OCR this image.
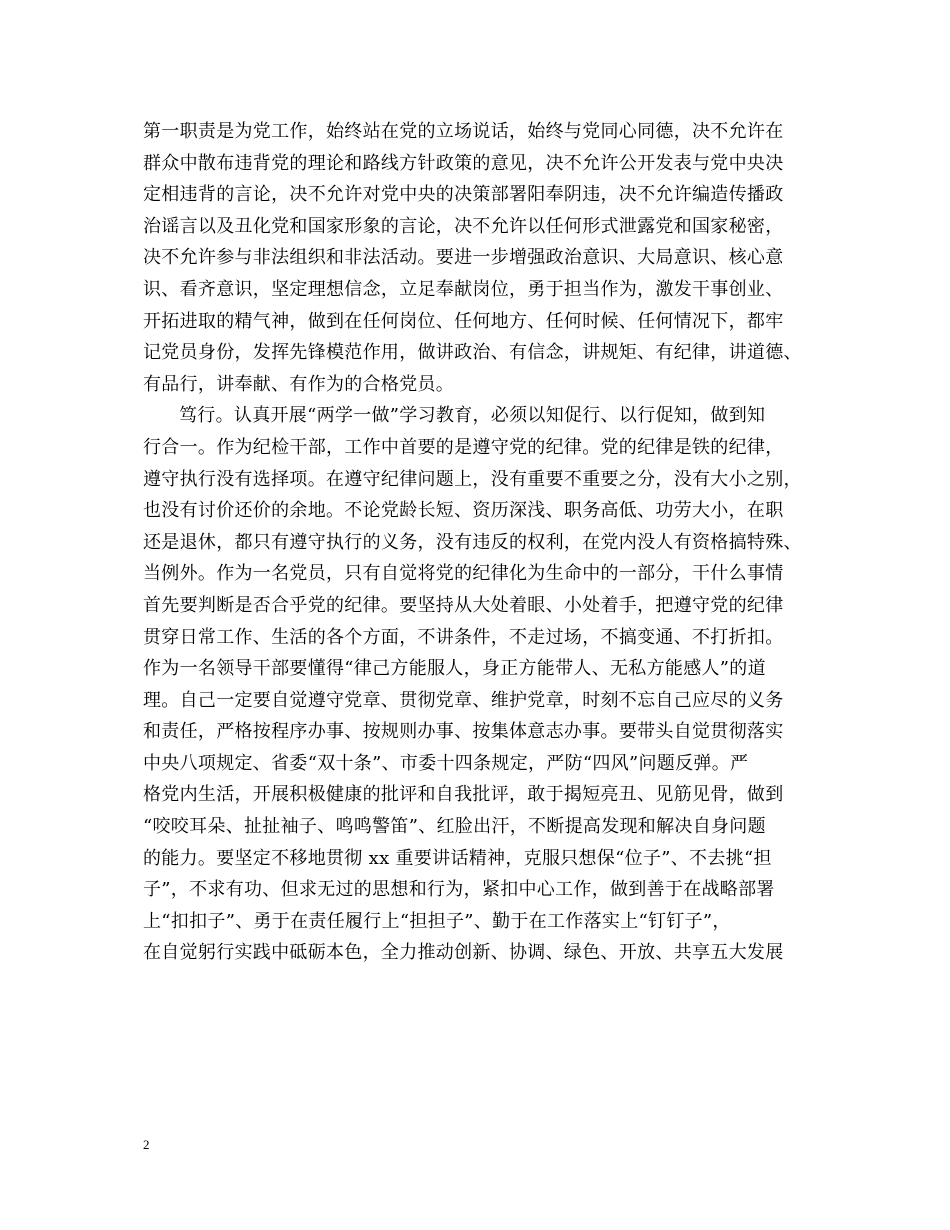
第一职责是为党工作，始终站在党的立场说话，始终与党同心同德，决不允许在
群众中散布违背党的理论和路线方针政策的意见，决不允许公开发表与党中央决
定相违背的言论，决不允许对党中央的决策部署阳奉阴违，决不允许编造传播政
治谣言以及丑化党和国家形象的言论，决不允许以任何形式泄露党和国家秘密，
决不允许参与非法组织和非法活动。要进一步增强政治意识、大局意识、核心意
识、看齐意识，坚定理想信念，立足奉献岗位，勇于担当作为，激发干事创业、
开拓进取的精气神，做到在任何岗位、任何地方、任何时候、任何情况下，都牢
记党员身份，发挥先锋模范作用，做讲政治、有信念，讲规矩、有纪律，讲道德、
有品行，讲奉献、有作为的合格党员。
笃行。认真开展“两学一做”学习教育，必须以知促行、以行促知，做到知
行合一。作为纪检干部，工作中首要的是遵守党的纪律。党的纪律是铁的纪律，
遵守执行没有选择项。在遵守纪律问题上，没有重要不重要之分，没有大小之别，
也没有讨价还价的余地。不论党龄长短、资历深浅、职务高低、功劳大小，在职
还是退休，都只有遵守执行的义务，没有违反的权利，在党内没人有资格搞特殊、
当例外。作为一名党员，只有自觉将党的纪律化为生命中的一部分，干什么事情
首先要判断是否合乎党的纪律。要坚持从大处着眼、小处着手，把遵守党的纪律
贯穿日常工作、生活的各个方面，不讲条件，不走过场，不搞变通、不打折扣。
作为一名领导干部要懂得“律己方能服人，身正方能带人、无私方能感人”的道
理。自己一定要自觉遵守党章、贯彻党章、维护党章，时刻不忘自己应尽的义务
和责任，严格按程序办事、按规则办事、按集体意志办事。要带头自觉贯彻落实
中央八项规定、省委“双十条”、市委十四条规定，严防“四风”问题反弹。严
格党内生活，开展积极健康的批评和自我批评，敢于揭短亮丑、见筋见骨，做到
“咬咬耳朵、扯扯袖子、鸣鸣警笛”、红脸出汗，不断提高发现和解决自身问题
的能力。要坚定不移地贯彻 xx 重要讲话精神，克服只想保“位子”、不去挑“担
子”，不求有功、但求无过的思想和行为，紧扣中心工作，做到善于在战略部署
上“扣扣子”、勇于在责任履行上“担担子”、勤于在工作落实上“钉钉子”，
在自觉躬行实践中砥砺本色，全力推动创新、协调、绿色、开放、共享五大发展
2
